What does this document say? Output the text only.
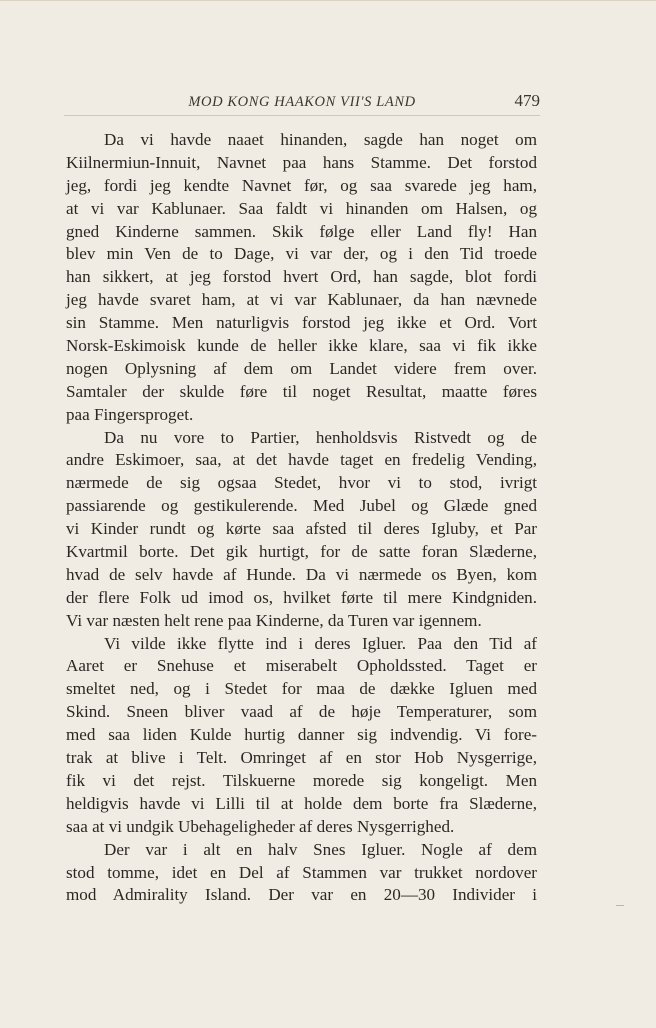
MOD KONG HAAKON VII'S LAND	479
Da vi havde naaet hinanden, sagde han noget om
Kiilnermiun-Innuit, Navnet paa hans Stamme. Det forstod
jeg, fordi jeg kendte Navnet før, og saa svarede jeg ham,
at vi var Kablunaer. Saa faldt vi hinanden om Halsen, og
gned Kinderne sammen. Skik følge eller Land fly! Han
blev min Ven de to Dage, vi var der, og i den Tid troede
han sikkert, at jeg forstod hvert Ord, han sagde, blot fordi
jeg havde svaret ham, at vi var Kablunaer, da han nævnede
sin Stamme. Men naturligvis forstod jeg ikke et Ord. Vort
Norsk-Eskimoisk kunde de heller ikke klare, saa vi fik ikke
nogen Oplysning af dem om Landet videre frem over.
Samtaler der skulde føre til noget Resultat, maatte føres
paa Fingersproget.
Da nu vore to Partier, henholdsvis Ristvedt og de
andre Eskimoer, saa, at det havde taget en fredelig Vending,
nærmede de sig ogsaa Stedet, hvor vi to stod, ivrigt
passiarende og gestikulerende. Med Jubel og Glæde gned
vi Kinder rundt og kørte saa afsted til deres Igluby, et Par
Kvartmil borte. Det gik hurtigt, for de satte foran Slæderne,
hvad de selv havde af Hunde. Da vi nærmede os Byen, kom
der flere Folk ud imod os, hvilket førte til mere Kindgniden.
Vi var næsten helt rene paa Kinderne, da Turen var igennem.
Vi vilde ikke flytte ind i deres Igluer. Paa den Tid af
Aaret er Snehuse et miserabelt Opholdssted. Taget er
smeltet ned, og i Stedet for maa de dække Igluen med
Skind. Sneen bliver vaad af de høje Temperaturer, som
med saa liden Kulde hurtig danner sig indvendig. Vi fore-
trak at blive i Telt. Omringet af en stor Hob Nysgerrige,
fik vi det rejst. Tilskuerne morede sig kongeligt. Men
heldigvis havde vi Lilli til at holde dem borte fra Slæderne,
saa at vi undgik Ubehageligheder af deres Nysgerrighed.
Der var i alt en halv Snes Igluer. Nogle af dem
stod tomme, idet en Del af Stammen var trukket nordover
mod Admirality Island. Der var en 20—30 Individer i
